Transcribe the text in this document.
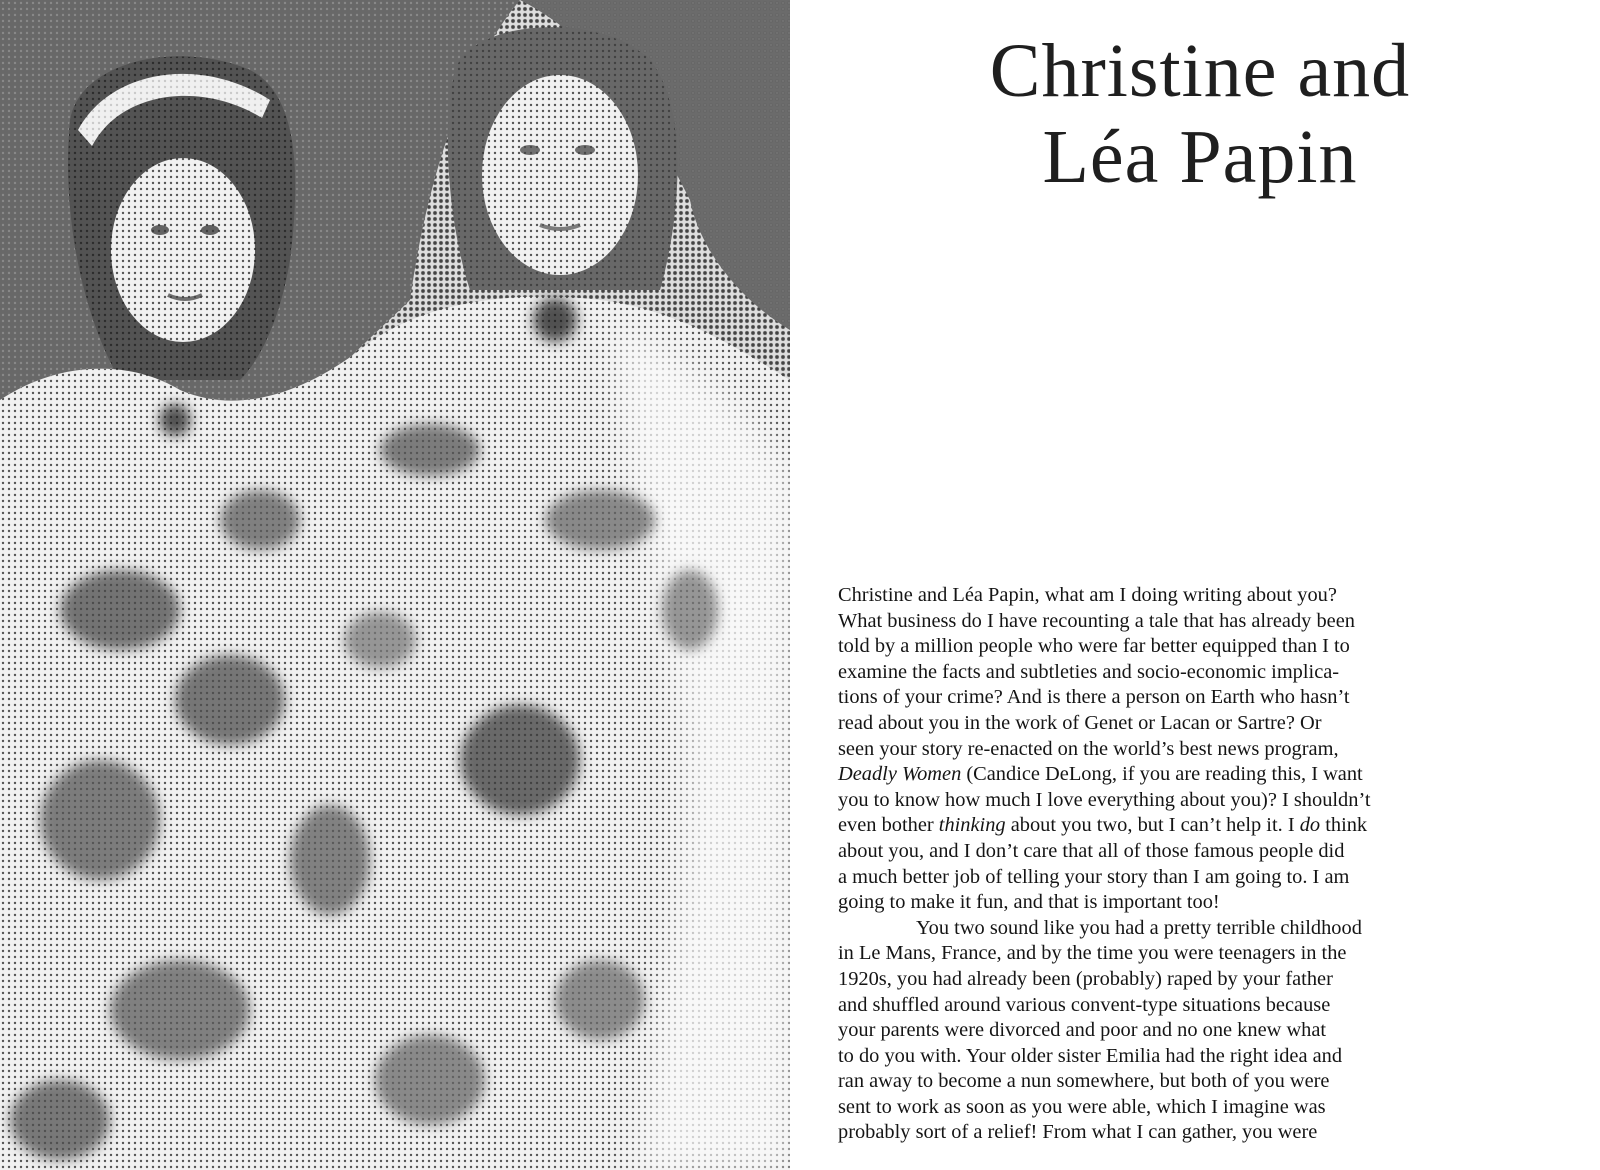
Christine and
Léa Papin

Christine and Léa Papin, what am I doing writing about you?
What business do I have recounting a tale that has already been
told by a million people who were far better equipped than I to
examine the facts and subtleties and socio-economic implica-
tions of your crime? And is there a person on Earth who hasn’t
read about you in the work of Genet or Lacan or Sartre? Or
seen your story re-enacted on the world’s best news program,
Deadly Women (Candice DeLong, if you are reading this, I want
you to know how much I love everything about you)? I shouldn’t
even bother thinking about you two, but I can’t help it. I do think
about you, and I don’t care that all of those famous people did
a much better job of telling your story than I am going to. I am
going to make it fun, and that is important too!

You two sound like you had a pretty terrible childhood
in Le Mans, France, and by the time you were teenagers in the
1920s, you had already been (probably) raped by your father
and shuffled around various convent-type situations because
your parents were divorced and poor and no one knew what
to do you with. Your older sister Emilia had the right idea and
ran away to become a nun somewhere, but both of you were
sent to work as soon as you were able, which I imagine was
probably sort of a relief! From what I can gather, you were
